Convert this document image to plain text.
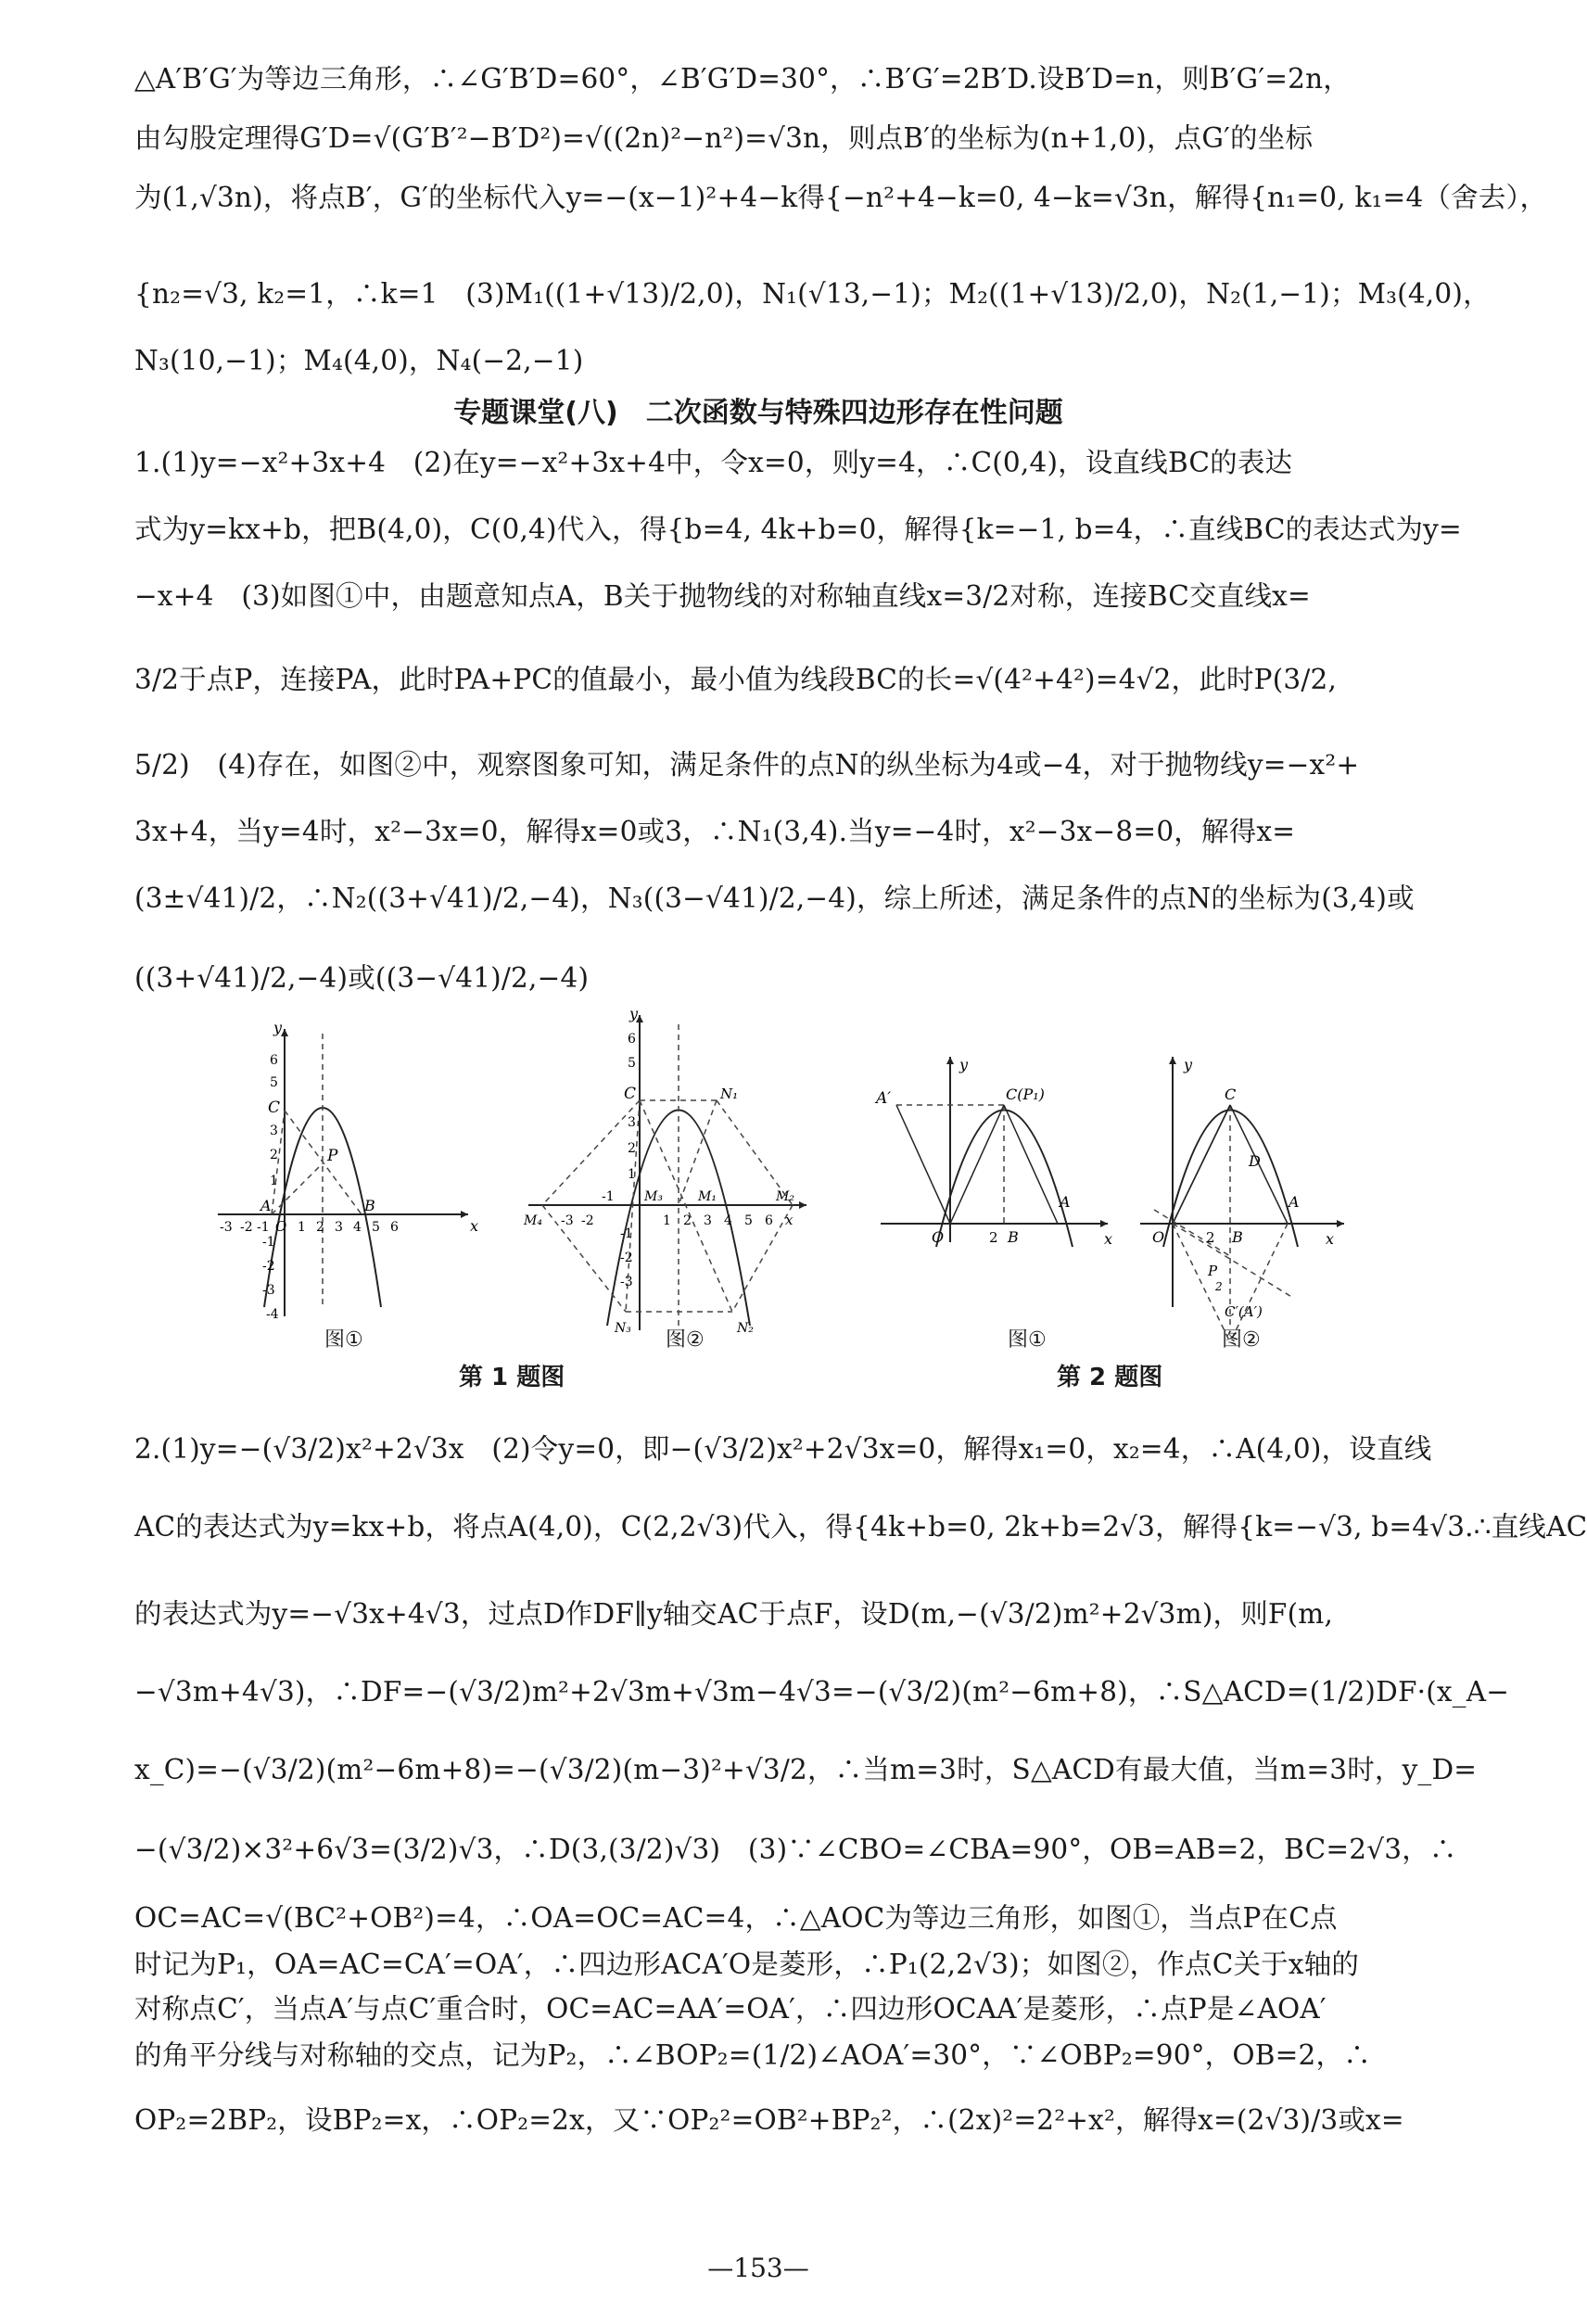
△A′B′G′为等边三角形，∴∠G′B′D=60°，∠B′G′D=30°，∴B′G′=2B′D.设B′D=n，则B′G′=2n，
由勾股定理得G′D=√(G′B′²−B′D²)=√((2n)²−n²)=√3n，则点B′的坐标为(n+1,0)，点G′的坐标
为(1,√3n)，将点B′，G′的坐标代入y=−(x−1)²+4−k得{−n²+4−k=0, 4−k=√3n，解得{n₁=0, k₁=4（舍去），
{n₂=√3, k₂=1，∴k=1　(3)M₁((1+√13)/2,0)，N₁(√13,−1)；M₂((1+√13)/2,0)，N₂(1,−1)；M₃(4,0)，
N₃(10,−1)；M₄(4,0)，N₄(−2,−1)
专题课堂(八)　二次函数与特殊四边形存在性问题
1.(1)y=−x²+3x+4　(2)在y=−x²+3x+4中，令x=0，则y=4，∴C(0,4)，设直线BC的表达
式为y=kx+b，把B(4,0)，C(0,4)代入，得{b=4, 4k+b=0，解得{k=−1, b=4，∴直线BC的表达式为y=
−x+4　(3)如图①中，由题意知点A，B关于抛物线的对称轴直线x=3/2对称，连接BC交直线x=
3/2于点P，连接PA，此时PA+PC的值最小，最小值为线段BC的长=√(4²+4²)=4√2，此时P(3/2,
5/2)　(4)存在，如图②中，观察图象可知，满足条件的点N的纵坐标为4或−4，对于抛物线y=−x²+
3x+4，当y=4时，x²−3x=0，解得x=0或3，∴N₁(3,4).当y=−4时，x²−3x−8=0，解得x=
(3±√41)/2，∴N₂((3+√41)/2,−4)，N₃((3−√41)/2,−4)，综上所述，满足条件的点N的坐标为(3,4)或
((3+√41)/2,−4)或((3−√41)/2,−4)
y
x
C
P
A	B
O
-3 -2 -1 1 2 3 4 5 6
6
5
3
2
1
-1
-2
-3
-4
图①
y
C	N₁
M₃	M₁	M₂
M₄
N₃	N₂
-3 -2
-1
1 2 3 4 5 6 x
6
5
3
2
1
-1
-2
-3
图②
y
x
A′	C(P₁)
A
O	2 B
图①
y
x
C
D
A
O	2 B
P
2
C′(A′)
图②
第 1 题图	第 2 题图
2.(1)y=−(√3/2)x²+2√3x　(2)令y=0，即−(√3/2)x²+2√3x=0，解得x₁=0，x₂=4，∴A(4,0)，设直线
AC的表达式为y=kx+b，将点A(4,0)，C(2,2√3)代入，得{4k+b=0, 2k+b=2√3，解得{k=−√3, b=4√3.∴直线AC
的表达式为y=−√3x+4√3，过点D作DF∥y轴交AC于点F，设D(m,−(√3/2)m²+2√3m)，则F(m,
−√3m+4√3)，∴DF=−(√3/2)m²+2√3m+√3m−4√3=−(√3/2)(m²−6m+8)，∴S△ACD=(1/2)DF·(x_A−
x_C)=−(√3/2)(m²−6m+8)=−(√3/2)(m−3)²+√3/2，∴当m=3时，S△ACD有最大值，当m=3时，y_D=
−(√3/2)×3²+6√3=(3/2)√3，∴D(3,(3/2)√3)　(3)∵∠CBO=∠CBA=90°，OB=AB=2，BC=2√3，∴
OC=AC=√(BC²+OB²)=4，∴OA=OC=AC=4，∴△AOC为等边三角形，如图①，当点P在C点
时记为P₁，OA=AC=CA′=OA′，∴四边形ACA′O是菱形，∴P₁(2,2√3)；如图②，作点C关于x轴的
对称点C′，当点A′与点C′重合时，OC=AC=AA′=OA′，∴四边形OCAA′是菱形，∴点P是∠AOA′
的角平分线与对称轴的交点，记为P₂，∴∠BOP₂=(1/2)∠AOA′=30°，∵∠OBP₂=90°，OB=2，∴
OP₂=2BP₂，设BP₂=x，∴OP₂=2x，又∵OP₂²=OB²+BP₂²，∴(2x)²=2²+x²，解得x=(2√3)/3或x=
—153—
